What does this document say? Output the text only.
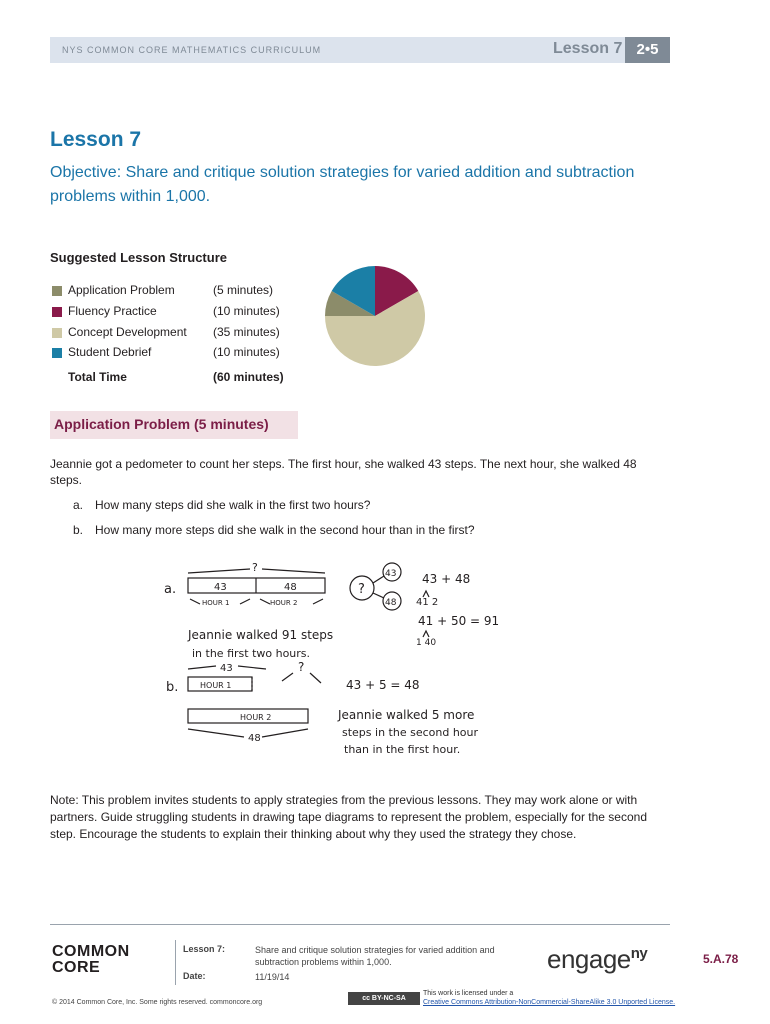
NYS COMMON CORE MATHEMATICS CURRICULUM	Lesson 7 2•5
Lesson 7
Objective: Share and critique solution strategies for varied addition and subtraction problems within 1,000.
Suggested Lesson Structure
Application Problem	(5 minutes)
Fluency Practice	(10 minutes)
Concept Development (35 minutes)
Student Debrief	(10 minutes)
Total Time	(60 minutes)
Application Problem (5 minutes)
Jeannie got a pedometer to count her steps. The first hour, she walked 43 steps. The next hour, she walked 48 steps.
a. How many steps did she walk in the first two hours?
b. How many more steps did she walk in the second hour than in the first?
a.
?
43	48
HOUR 1	HOUR 2
?
43
48
43 + 48
41 2
41 + 50 = 91
1 40
Jeannie walked 91 steps
in the first two hours.
b.
43	?
HOUR 1
HOUR 2
48
43 + 5 = 48
Jeannie walked 5 more
steps in the second hour
than in the first hour.
Note: This problem invites students to apply strategies from the previous lessons. They may work alone or with partners. Guide struggling students in drawing tape diagrams to represent the problem, especially for the second step. Encourage the students to explain their thinking about why they used the strategy they chose.
COMMON
CORE
Lesson 7:	Share and critique solution strategies for varied addition and subtraction problems within 1,000.
Date:	11/19/14
engage$^{ny}$	5.A.78
© 2014 Common Core, Inc. Some rights reserved. commoncore.org
cc BY-NC-SA
This work is licensed under a
Creative Commons Attribution-NonCommercial-ShareAlike 3.0 Unported License.
